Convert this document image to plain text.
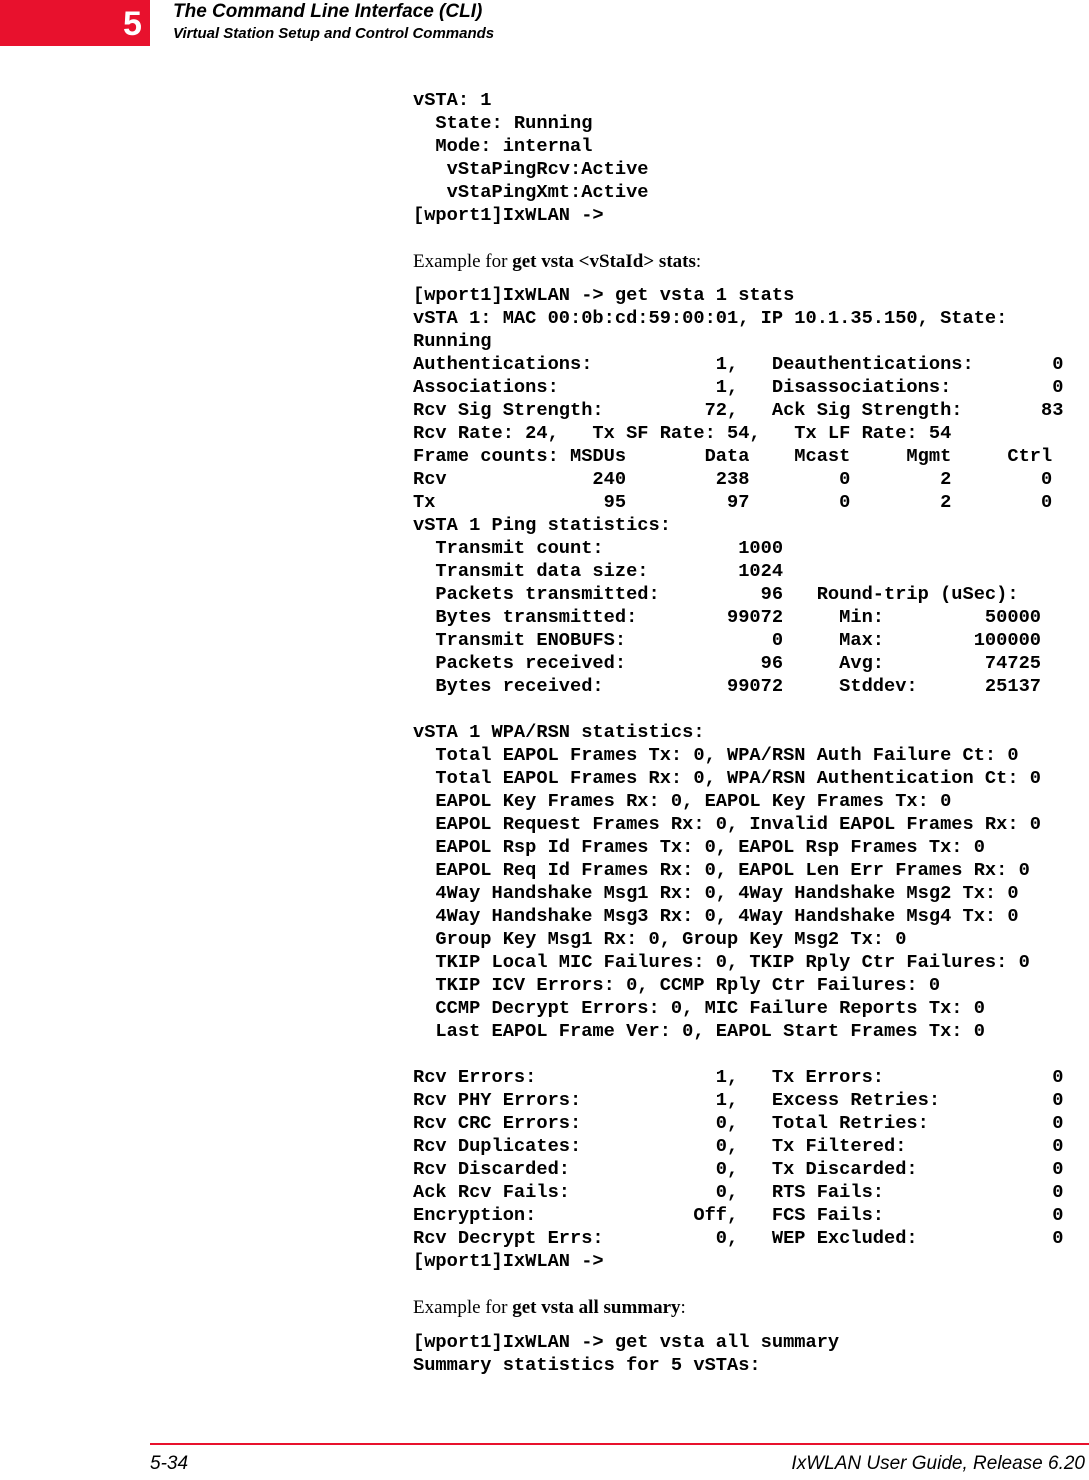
5 The Command Line Interface (CLI)
Virtual Station Setup and Control Commands
vSTA: 1
State: Running
Mode: internal
vStaPingRcv:Active
vStaPingXmt:Active
[wport1]IxWLAN ->

Example for get vsta <vStaId> stats:

[wport1]IxWLAN -> get vsta 1 stats
vSTA 1: MAC 00:0b:cd:59:00:01, IP 10.1.35.150, State:
Running
Authentications:           1,   Deauthentications:       0
Associations:              1,   Disassociations:         0
Rcv Sig Strength:         72,   Ack Sig Strength:       83
Rcv Rate: 24,   Tx SF Rate: 54,   Tx LF Rate: 54
Frame counts: MSDUs       Data    Mcast     Mgmt     Ctrl
Rcv             240        238        0        2        0
Tx               95         97        0        2        0
vSTA 1 Ping statistics:
Transmit count:            1000
Transmit data size:        1024
Packets transmitted:         96   Round-trip (uSec):
Bytes transmitted:        99072     Min:         50000
Transmit ENOBUFS:             0     Max:        100000
Packets received:            96     Avg:         74725
Bytes received:           99072     Stddev:      25137

vSTA 1 WPA/RSN statistics:
Total EAPOL Frames Tx: 0, WPA/RSN Auth Failure Ct: 0
Total EAPOL Frames Rx: 0, WPA/RSN Authentication Ct: 0
EAPOL Key Frames Rx: 0, EAPOL Key Frames Tx: 0
EAPOL Request Frames Rx: 0, Invalid EAPOL Frames Rx: 0
EAPOL Rsp Id Frames Tx: 0, EAPOL Rsp Frames Tx: 0
EAPOL Req Id Frames Rx: 0, EAPOL Len Err Frames Rx: 0
4Way Handshake Msg1 Rx: 0, 4Way Handshake Msg2 Tx: 0
4Way Handshake Msg3 Rx: 0, 4Way Handshake Msg4 Tx: 0
Group Key Msg1 Rx: 0, Group Key Msg2 Tx: 0
TKIP Local MIC Failures: 0, TKIP Rply Ctr Failures: 0
TKIP ICV Errors: 0, CCMP Rply Ctr Failures: 0
CCMP Decrypt Errors: 0, MIC Failure Reports Tx: 0
Last EAPOL Frame Ver: 0, EAPOL Start Frames Tx: 0

Rcv Errors:                1,   Tx Errors:               0
Rcv PHY Errors:            1,   Excess Retries:          0
Rcv CRC Errors:            0,   Total Retries:           0
Rcv Duplicates:            0,   Tx Filtered:             0
Rcv Discarded:             0,   Tx Discarded:            0
Ack Rcv Fails:             0,   RTS Fails:               0
Encryption:              Off,   FCS Fails:               0
Rcv Decrypt Errs:          0,   WEP Excluded:            0
[wport1]IxWLAN ->

Example for get vsta all summary:

[wport1]IxWLAN -> get vsta all summary
Summary statistics for 5 vSTAs:
5-34	IxWLAN User Guide, Release 6.20
